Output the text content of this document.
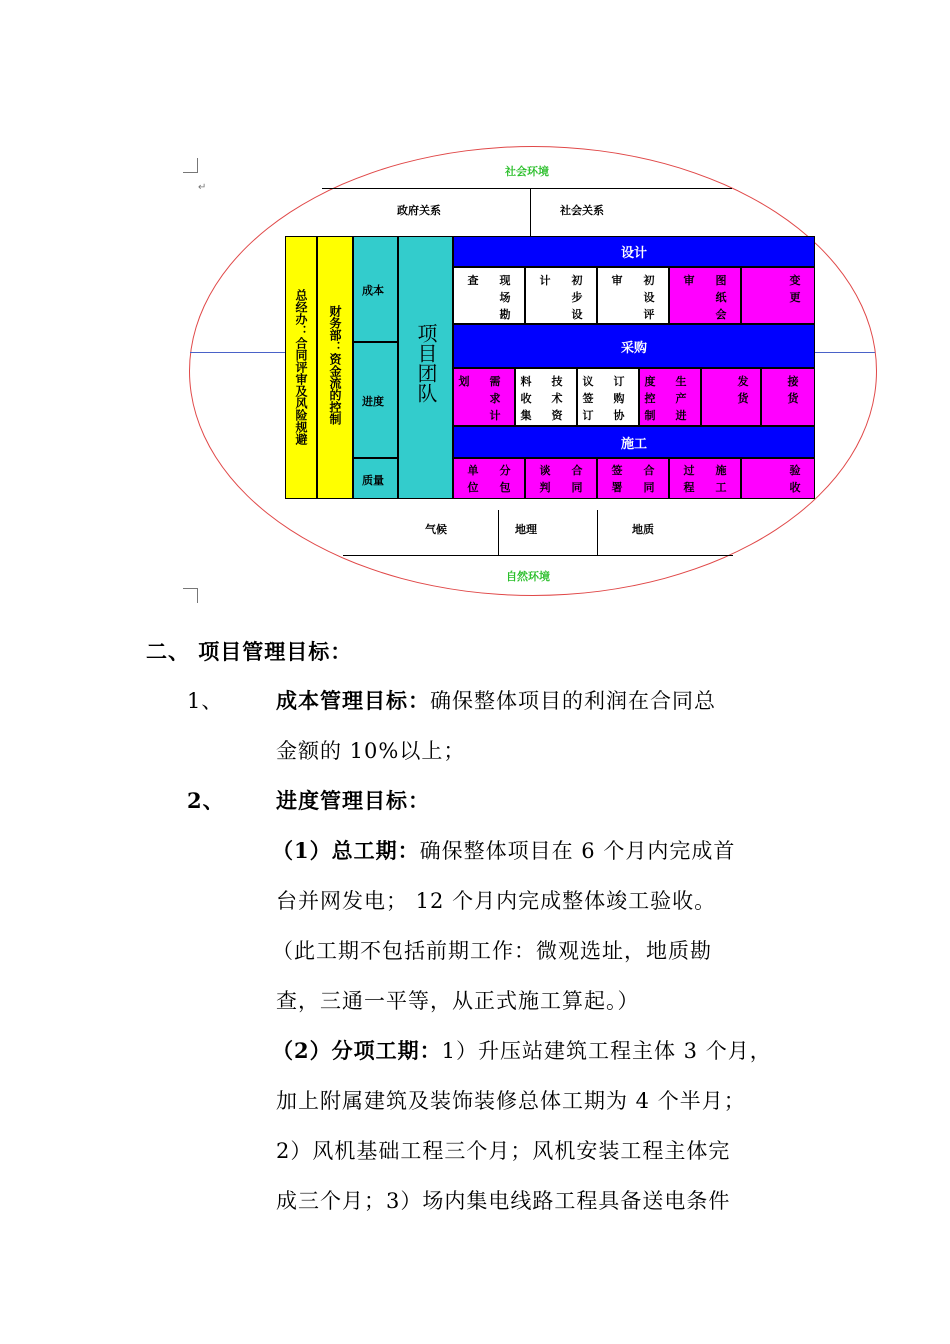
↵
社会环境
政府关系	社会关系
总经办：合同评审及风险规避 财务部：资金流的控制
成本
进度
质量
项目团队
设计
查 现场勘
计 初步设
审 初设评
审 图纸会
变更
采购
划 需求计
料收集
技术资
议签订
订购协
度控制
生产进
发货
接货
施工
单位
分包
谈判
合同
签署
合同
过程
施工
验收
气候	地理	地质
自然环境
二、 项目管理目标：
1、	成本管理目标：确保整体项目的利润在合同总
金额的 10%以上；
2、 进度管理目标：
（1）总工期：确保整体项目在 6 个月内完成首
台并网发电； 12 个月内完成整体竣工验收。
（此工期不包括前期工作：微观选址，地质勘
查，三通一平等，从正式施工算起。）
（2）分项工期：1）升压站建筑工程主体 3 个月，
加上附属建筑及装饰装修总体工期为 4 个半月；
2）风机基础工程三个月；风机安装工程主体完
成三个月；3）场内集电线路工程具备送电条件
